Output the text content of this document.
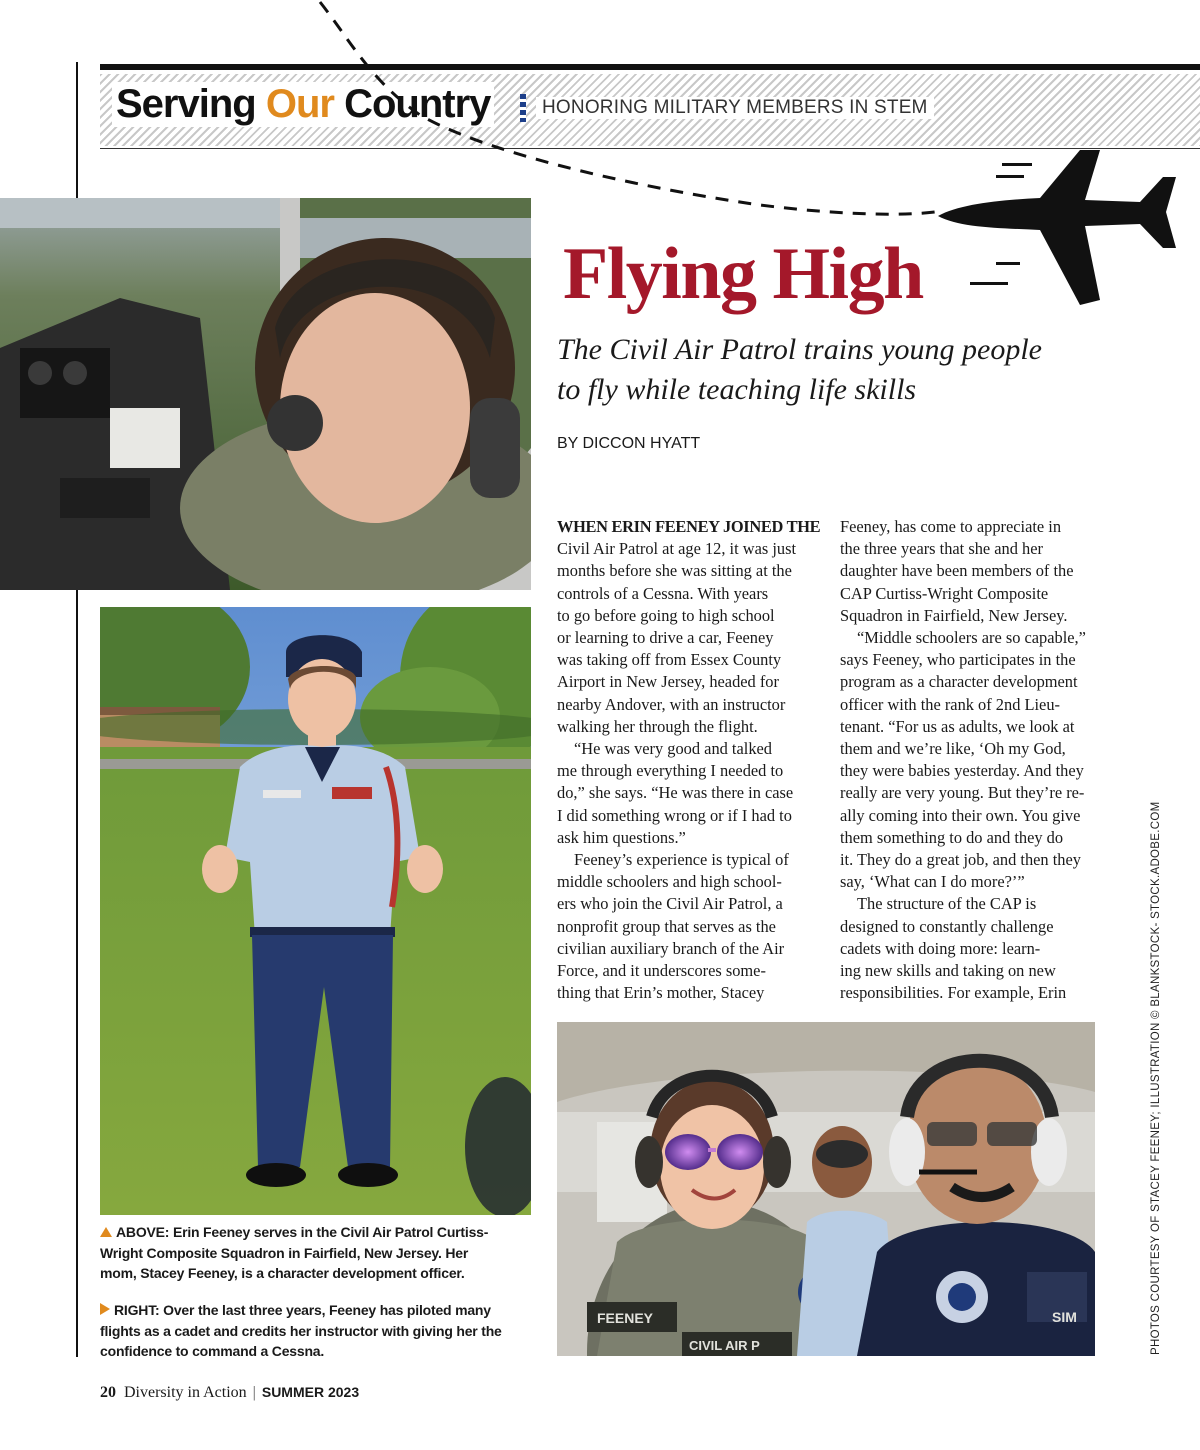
Serving Our Country	HONORING MILITARY MEMBERS IN STEM
Flying High
The Civil Air Patrol trains young people to fly while teaching life skills
BY DICCON HYATT
WHEN ERIN FEENEY JOINED THE
Civil Air Patrol at age 12, it was just
months before she was sitting at the
controls of a Cessna. With years
to go before going to high school
or learning to drive a car, Feeney
was taking off from Essex County
Airport in New Jersey, headed for
nearby Andover, with an instructor
walking her through the flight.
“He was very good and talked
me through everything I needed to
do,” she says. “He was there in case
I did something wrong or if I had to
ask him questions.”
Feeney’s experience is typical of
middle schoolers and high school-
ers who join the Civil Air Patrol, a
nonprofit group that serves as the
civilian auxiliary branch of the Air
Force, and it underscores some-
thing that Erin’s mother, Stacey
Feeney, has come to appreciate in
the three years that she and her
daughter have been members of the
CAP Curtiss-Wright Composite
Squadron in Fairfield, New Jersey.
“Middle schoolers are so capable,”
says Feeney, who participates in the
program as a character development
officer with the rank of 2nd Lieu-
tenant. “For us as adults, we look at
them and we’re like, ‘Oh my God,
they were babies yesterday. And they
really are very young. But they’re re-
ally coming into their own. You give
them something to do and they do
it. They do a great job, and then they
say, ‘What can I do more?’”
The structure of the CAP is
designed to constantly challenge
cadets with doing more: learn-
ing new skills and taking on new
responsibilities. For example, Erin
FEENEY
CIVIL AIR P
SIM
ABOVE: Erin Feeney serves in the Civil Air Patrol Curtiss-
Wright Composite Squadron in Fairfield, New Jersey. Her
mom, Stacey Feeney, is a character development officer.
RIGHT: Over the last three years, Feeney has piloted many
flights as a cadet and credits her instructor with giving her the
confidence to command a Cessna.	PHOTOS COURTESY OF STACEY FEENEY; ILLUSTRATION © BLANKSTOCK- STOCK.ADOBE.COM
20 Diversity in Action | SUMMER 2023
